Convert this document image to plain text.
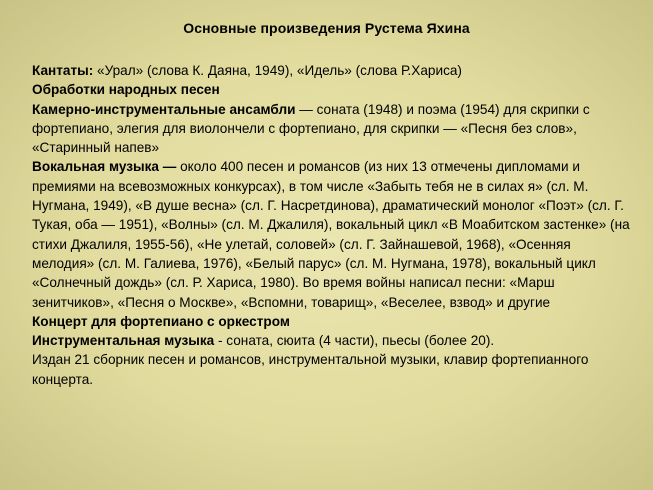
Основные произведения Рустема Яхина

Кантаты: «Урал» (слова К. Даяна, 1949), «Идель» (слова Р.Хариса)

Обработки народных песен

Камерно-инструментальные ансамбли — соната (1948) и поэма (1954) для скрипки с фортепиано, элегия для виолончели с фортепиано, для скрипки — «Песня без слов», «Старинный напев»

Вокальная музыка — около 400 песен и романсов (из них 13 отмечены дипломами и премиями на всевозможных конкурсах), в том числе «Забыть тебя не в силах я» (сл. М. Нугмана, 1949), «В душе весна» (сл. Г. Насретдинова), драматический монолог «Поэт» (сл. Г. Тукая, оба — 1951), «Волны» (сл. М. Джалиля), вокальный цикл «В Моабитском застенке» (на стихи Джалиля, 1955-56), «Не улетай, соловей» (сл. Г. Зайнашевой, 1968), «Осенняя мелодия» (сл. М. Галиева, 1976), «Белый парус» (сл. М. Нугмана, 1978), вокальный цикл «Солнечный дождь» (сл. Р. Хариса, 1980). Во время войны написал песни: «Марш зенитчиков», «Песня о Москве», «Вспомни, товарищ», «Веселее, взвод» и другие

Концерт для фортепиано с оркестром

Инструментальная музыка - соната, сюита (4 части), пьесы (более 20).

Издан 21 сборник песен и романсов, инструментальной музыки, клавир фортепианного концерта.
